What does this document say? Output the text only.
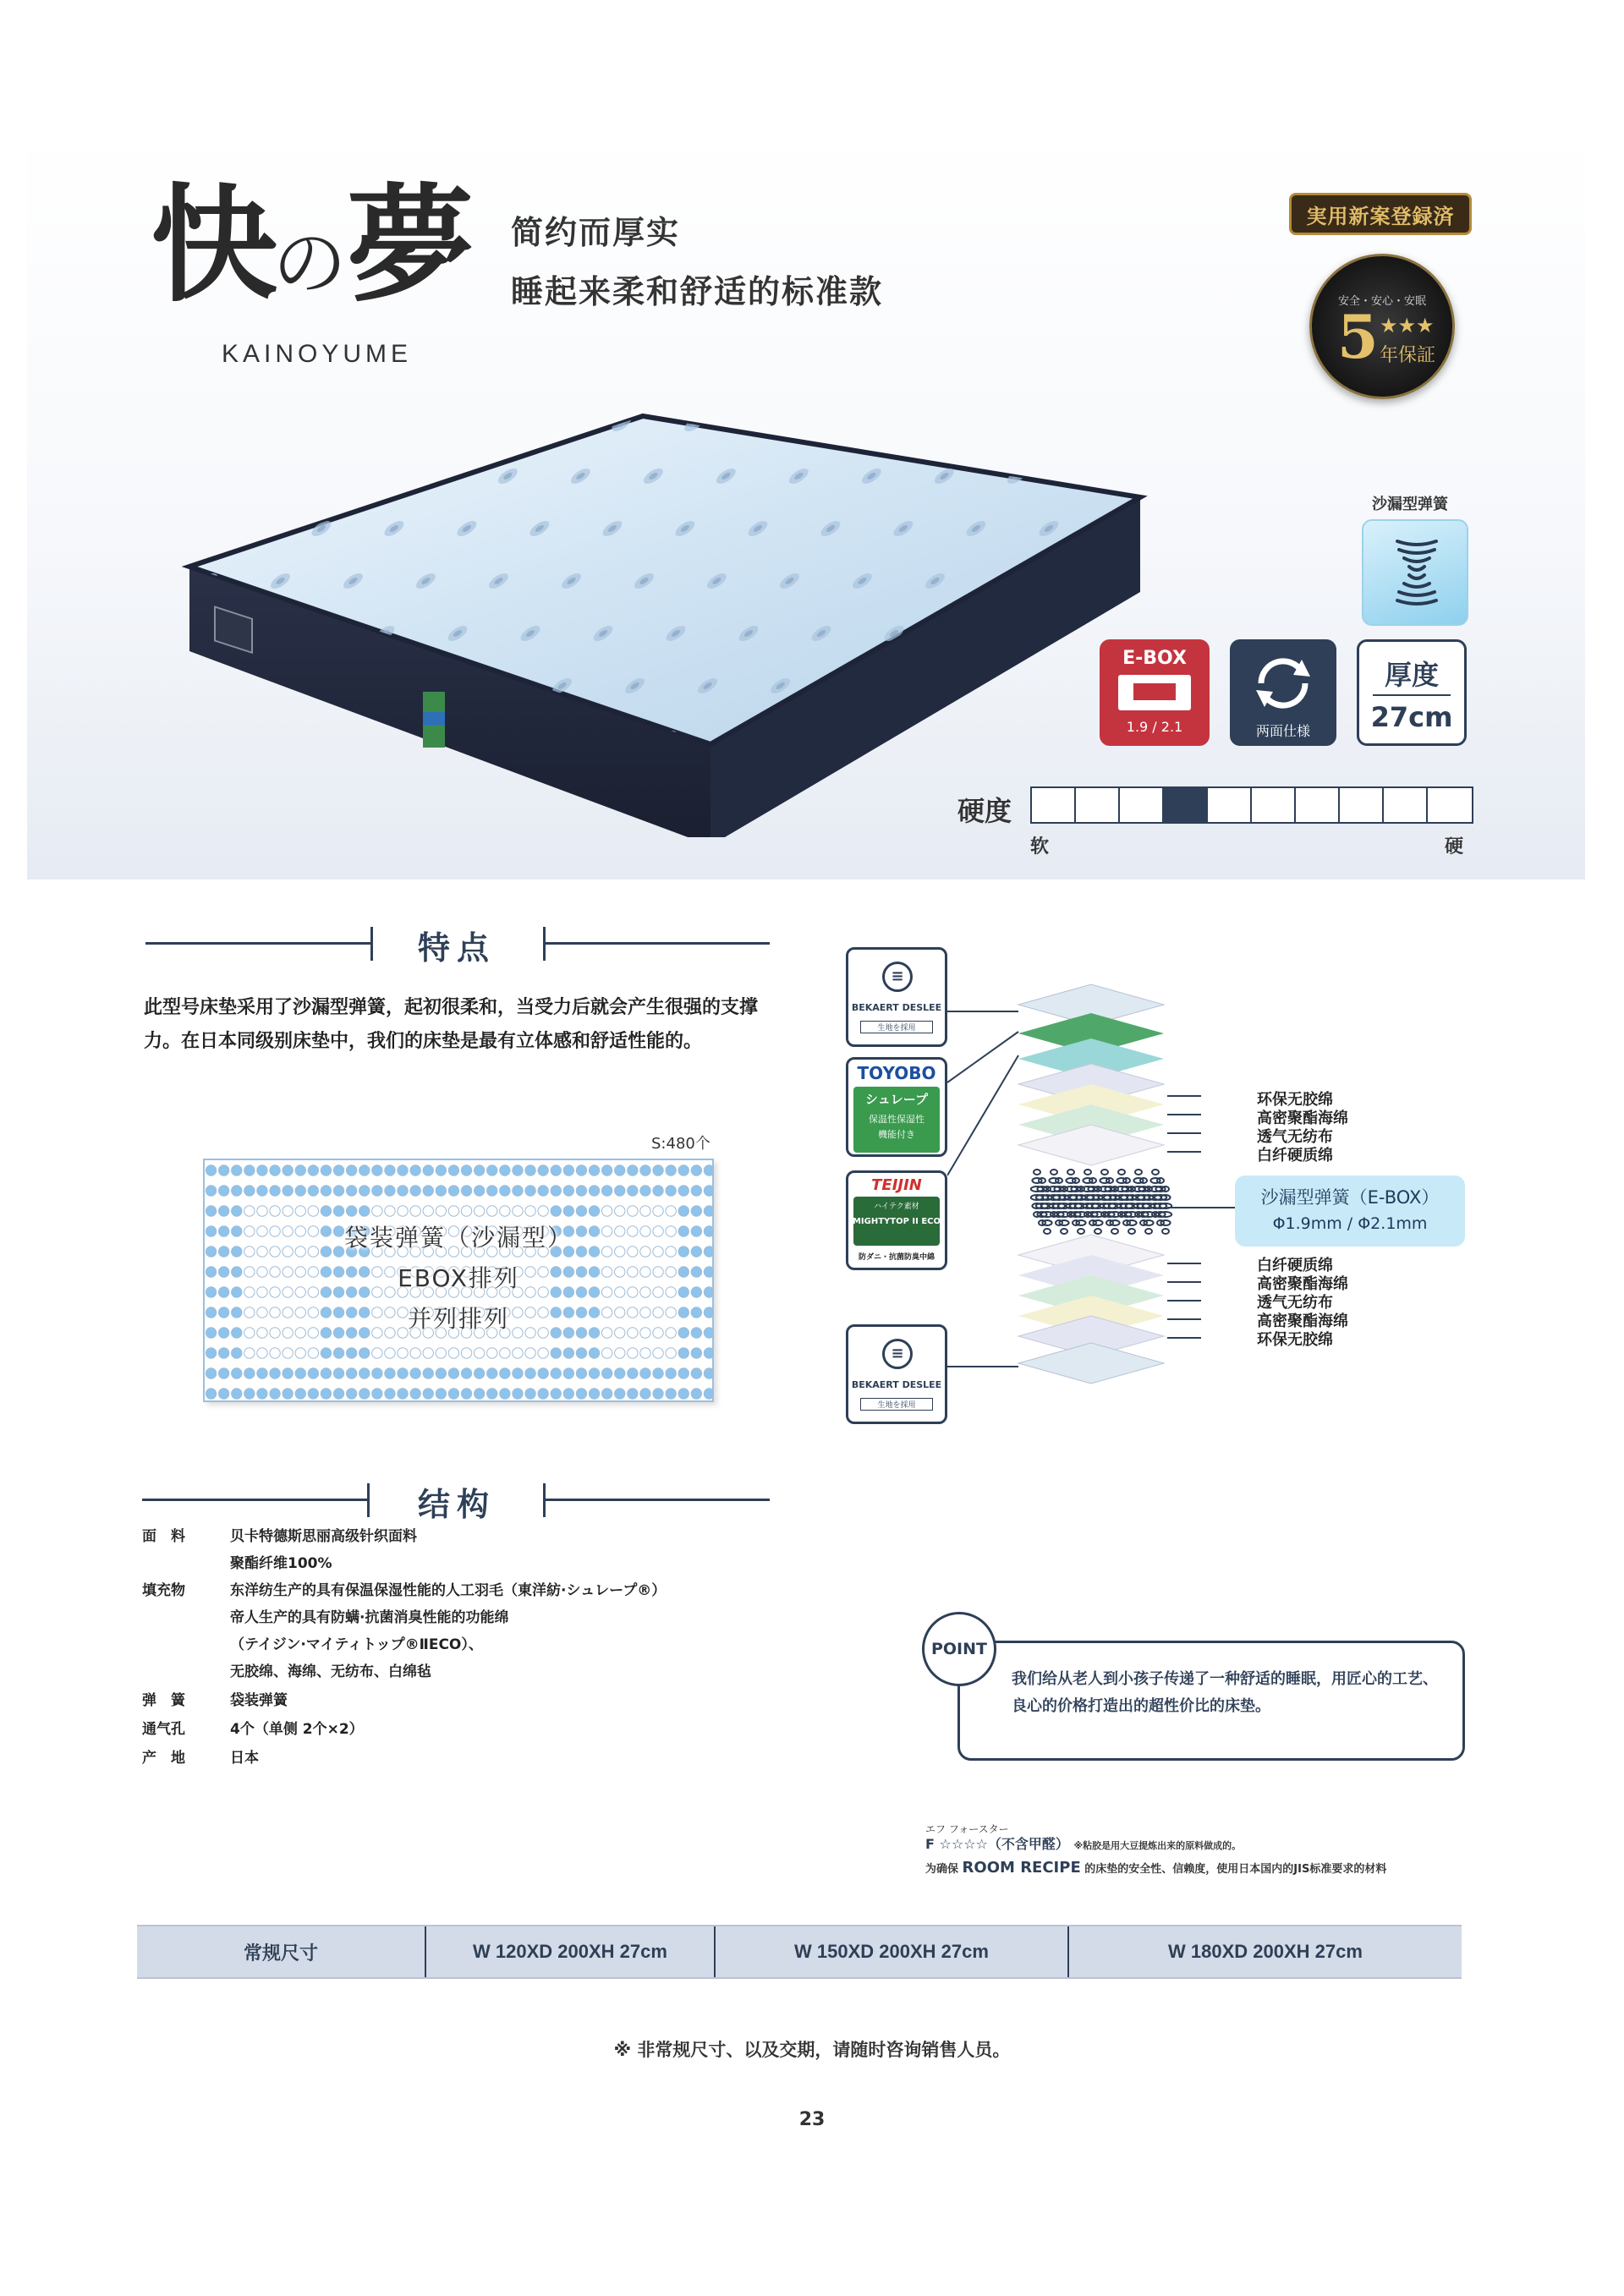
快の夢
KAINOYUME
简约而厚实
睡起来柔和舒适的标准款
実用新案登録済
安全・安心・安眠
5 ★★★
年保証
沙漏型弹簧
E-BOX
1.9 / 2.1	两面仕様
厚度
27cm
硬度
软	硬
特点
此型号床垫采用了沙漏型弹簧，起初很柔和，当受力后就会产生很强的支撑力。在日本同级别床垫中，我们的床垫是最有立体感和舒适性能的。
S:480个
袋装弹簧（沙漏型）
EBOX排列
并列排列
≡
BEKAERT DESLEE
生地を採用
TOYOBO
シュレープ
保温性保湿性
機能付き
TEIJIN
ハイテク素材
MIGHTYTOP II ECO
防ダニ・抗菌防臭中綿
≡
BEKAERT DESLEE
生地を採用
环保无胶绵
高密聚酯海绵
透气无纺布
白纤硬质绵
沙漏型弹簧（E-BOX）
Φ1.9mm / Φ2.1mm
白纤硬质绵
高密聚酯海绵
透气无纺布
高密聚酯海绵
环保无胶绵
结构
面　料	贝卡特德斯思丽高级针织面料
聚酯纤维100%
填充物	东洋纺生产的具有保温保湿性能的人工羽毛（東洋紡·シュレープ®）
帝人生产的具有防螨·抗菌消臭性能的功能绵
（テイジン·マイティトップ®ⅡECO）、
无胶绵、海绵、无纺布、白绵毡
弹　簧	袋装弹簧
通气孔	4个（单侧 2个×2）
产　地	日本
POINT
我们给从老人到小孩子传递了一种舒适的睡眠，用匠心的工艺、良心的价格打造出的超性价比的床垫。
エフ フォースター
F ☆☆☆☆（不含甲醛） ※粘胶是用大豆提炼出来的原料做成的。
为确保 ROOM RECIPE 的床垫的安全性、信赖度，使用日本国内的JIS标准要求的材料
常规尺寸	W 120XD 200XH 27cm	W 150XD 200XH 27cm	W 180XD 200XH 27cm
※ 非常规尺寸、以及交期，请随时咨询销售人员。
23
